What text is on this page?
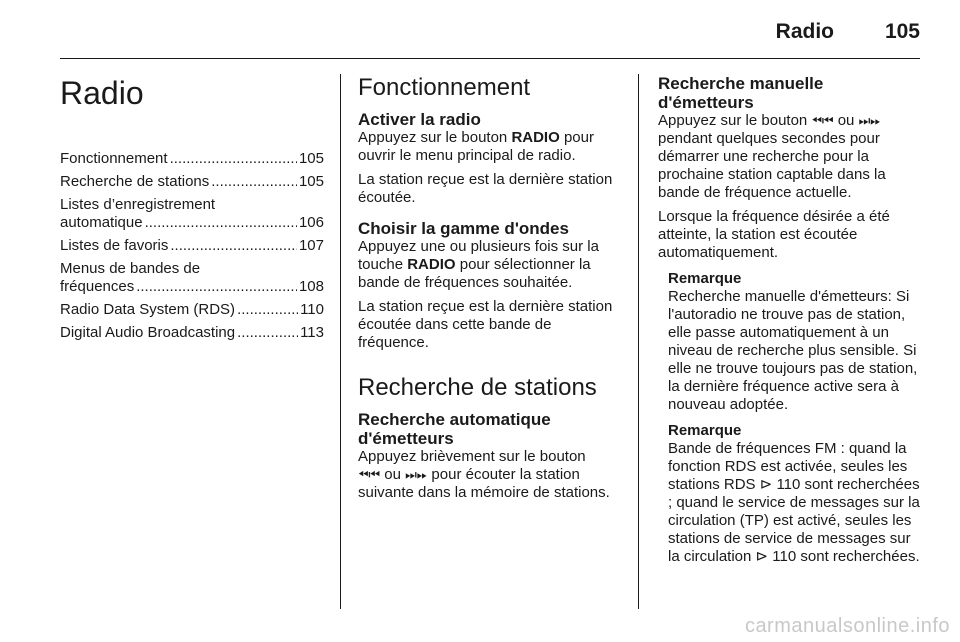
Radio 105
Radio
Fonctionnement .....	105
Recherche de stations .....	105
Listes d’enregistrement
automatique .....	106
Listes de favoris .....	107
Menus de bandes de
fréquences .....	108
Radio Data System (RDS) .....	110
Digital Audio Broadcasting .....	113
Fonctionnement
Activer la radio

Appuyez sur le bouton RADIO pour ouvrir le menu principal de radio.

La station reçue est la dernière station écoutée.

Choisir la gamme d'ondes

Appuyez une ou plusieurs fois sur la touche RADIO pour sélectionner la bande de fréquences souhaitée.

La station reçue est la dernière station écoutée dans cette bande de fréquence.

Recherche de stations
Recherche automatique
d'émetteurs

Appuyez brièvement sur le bouton
⏪︎⏮︎ ou ⏭︎⏩︎ pour écouter la station suivante dans la mémoire de stations.

Recherche manuelle
d'émetteurs

Appuyez sur le bouton ⏪︎⏮︎ ou ⏭︎⏩︎ pendant quelques secondes pour démarrer une recherche pour la prochaine station captable dans la bande de fréquence actuelle.

Lorsque la fréquence désirée a été atteinte, la station est écoutée automatiquement.

Remarque

Recherche manuelle d'émetteurs: Si l'autoradio ne trouve pas de station, elle passe automatiquement à un niveau de recherche plus sensible. Si elle ne trouve toujours pas de station, la dernière fréquence active sera à nouveau adoptée.

Remarque

Bande de fréquences FM : quand la fonction RDS est activée, seules les stations RDS ⊳ 110 sont recherchées ; quand le service de messages sur la circulation (TP) est activé, seules les stations de service de messages sur la circulation ⊳ 110 sont recherchées.

carmanualsonline.info
